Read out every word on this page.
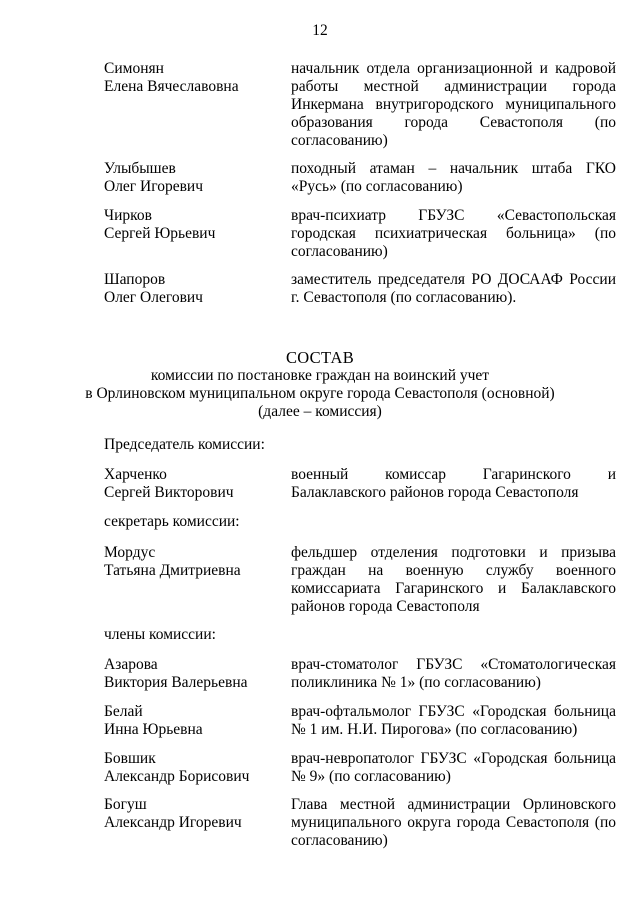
12
Симонян
Елена Вячеславовна
начальник отдела организационной и кадровой работы местной администрации города Инкермана внутригородского муниципального образования города Севастополя (по согласованию)
Улыбышев
Олег Игоревич
походный атаман – начальник штаба ГКО «Русь» (по согласованию)
Чирков
Сергей Юрьевич
врач-психиатр ГБУЗС «Севастопольская городская психиатрическая больница» (по согласованию)
Шапоров
Олег Олегович
заместитель председателя РО ДОСААФ России г. Севастополя (по согласованию).
СОСТАВ
комиссии по постановке граждан на воинский учет
в Орлиновском муниципальном округе города Севастополя (основной)
(далее – комиссия)
Председатель комиссии:
Харченко
Сергей Викторович
военный комиссар Гагаринского и Балаклавского районов города Севастополя
секретарь комиссии:
Мордус
Татьяна Дмитриевна
фельдшер отделения подготовки и призыва граждан на военную службу военного комиссариата Гагаринского и Балаклавского районов города Севастополя
члены комиссии:
Азарова
Виктория Валерьевна
врач-стоматолог ГБУЗС «Стоматологическая поликлиника № 1» (по согласованию)
Белай
Инна Юрьевна
врач-офтальмолог ГБУЗС «Городская больница № 1 им. Н.И. Пирогова» (по согласованию)
Бовшик
Александр Борисович
врач-невропатолог ГБУЗС «Городская больница № 9» (по согласованию)
Богуш
Александр Игоревич
Глава местной администрации Орлиновского муниципального округа города Севастополя (по согласованию)
